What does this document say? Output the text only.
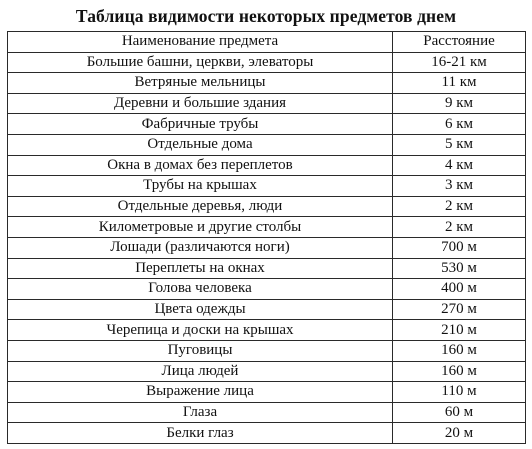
Таблица видимости некоторых предметов днем
Наименование предмета	Расстояние
Большие башни, церкви, элеваторы	16-21 км
Ветряные мельницы	11 км
Деревни и большие здания	9 км
Фабричные трубы	6 км
Отдельные дома	5 км
Окна в домах без переплетов	4 км
Трубы на крышах	3 км
Отдельные деревья, люди	2 км
Километровые и другие столбы	2 км
Лошади (различаются ноги)	700 м
Переплеты на окнах	530 м
Голова человека	400 м
Цвета одежды	270 м
Черепица и доски на крышах	210 м
Пуговицы	160 м
Лица людей	160 м
Выражение лица	110 м
Глаза	60 м
Белки глаз	20 м
